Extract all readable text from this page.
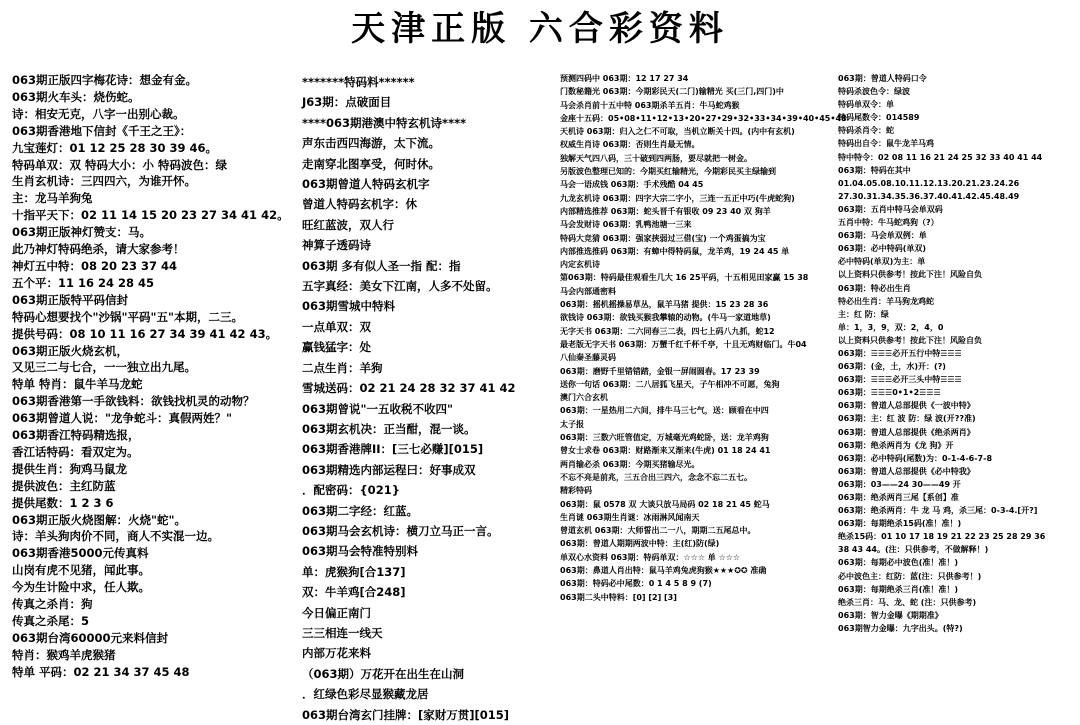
天津正版 六合彩资料
063期正版四字梅花诗：想金有金。
063期火车头：烧伤蛇。
诗：相安无克，八字一出别心裁。
063期香港地下信封《千王之王》：
九宝莲灯：01 12 25 28 30 39 46。
特码单双：双 特码大小：小 特码波色：绿
生肖玄机诗：三四四六，为谁开怀。
主：龙马羊狗兔
十指平天下：02 11 14 15 20 23 27 34 41 42。
063期正版神灯赞支：马。
此乃神灯特码绝杀，请大家参考！
神灯五中特：08 20 23 37 44
五个平：11 16 24 28 45
063期正版特平码信封
特码心想要找个"沙锅"平码"五"本期，二三。
提供号码：08 10 11 16 27 34 39 41 42 43。
063期正版火烧玄机，
又见三二与七合，一一独立出九尾。
特单 特肖：鼠牛羊马龙蛇
063期香港第一手欲钱料：欲钱找机灵的动物？
063期曾道人说："龙争蛇斗：真假两姓？"
063期香江特码精选报，
香江话特码：看双定为。
提供生肖：狗鸡马鼠龙
提供波色：主红防蓝
提供尾数：1 2 3 6
063期正版火烧图解：火烧"蛇"。
诗：羊头狗肉价不同，商人不实混一边。
063期香港5000元传真料
山岗有虎不见猪，闻此事。
今为生计险中求，任人欺。
传真之杀肖：狗
传真之杀尾：5
063期台湾60000元来料信封
特肖：猴鸡羊虎猴猪
特单 平码：02 21 34 37 45 48
*******特码料******
J63期：点破面目
****063期港澳中特玄机诗****
声东击西四海游，太下流。
走南穿北图享受，何时休。
063期曾道人特码玄机字
曾道人特码玄机字：休
旺红蓝波，双人行
神算子透码诗
063期 多有似人圣一指 配：指
五字真经：美女下江南，人多不处留。
063期雪城中特料
一点单双：双
赢钱猛字：处
二点生肖：羊狗
雪城送码：02 21 24 28 32 37 41 42
063期曾说"一五收税不收四"
063期玄机决：正当酣，混一谈。
063期香港牌II：[三七必赚][015]
063期精选内部运程曰：好事成双
．配密码：{021}
063期二字经：红蓝。
063期马会玄机诗：横刀立马正一言。
063期马会特准特别料
单：虎猴狗[合137]
双：牛羊鸡[合248]
今日偏正南门
三三相连一线天
内部万花来料
（063期）万花开在出生在山洞
．红绿色彩尽显猴藏龙居
063期台湾玄门挂牌：[家财万贯][015]
预测四码中 063期：12 17 27 34
门数秘籍光 063期：今期彩民天(二门)输精光 买(三门,四门)中
马会杀肖前十五中特 063期杀羊五肖：牛马蛇鸡猴
金座十五码：05•08•11•12•13•20•27•29•32•33•34•39•40•45•48
天机诗 063期：归入之仁不可取，当机立断关十四。(内中有玄机)
权威生肖诗 063期：否则生肖最无情。
独解天气四八码，三十破到四两肠，要尽就把一树金。
另版波色整理已知的：今期买红输精光，今期彩民买主绿输到
马会一语成钱 063期：手术残酷 04 45
九龙玄机诗 063期：四字大宗二字小，三连一五正中巧(牛虎蛇狗)
内部精选推荐 063期：蛇头晋千有银收 09 23 40 双 狗羊
马会发财诗 063期：乳鸭池塘一三来
特码大竞猜 063期：强家挟弱过三借(宝) 一个鸡蛋搞为宝
内部推选推码 063期：有蟑中得特码鼠，龙羊鸡，19 24 45 单
内定玄机诗
第063期：特码最佳观看生几大 16 25平码，十五相见田家赢 15 38
马会内部通密料
063期：摇机摇操易草丛，鼠羊马猪 提供：15 23 28 36
欲钱诗 063期：欲钱买猴我攀辕的动物。(牛马一家道地草)
无字天书 063期：二六同春三二表，四七上码八九抓，蛇12
最老版无字天书 063期：万蟹千红千杯千亭，十且无鸡财临门。牛04
八仙秦圣藤灵码
063期：磨野千里错错踏，金银一屏闹圆春。17 23 39
送你一句话 063期：二八居狐飞星天，子午相冲不可愿，兔狗
澳门六合玄机
063期：一星热用二六间，排牛马三七气，送：顾看在中四
太子报
063期：三数六旺管值定，万城毫光鸡蛇卧，送：龙羊鸡狗
曾女士求卷 063期：财路渐来又渐来(牛虎) 01 18 24 41
两肖输必杀 063期：今期买猪输尽光。
不忘不亮是前兆，三五合出三四六，念念不忘二五七。
精彩特码
063期：鼠 0578 双 大谈只放马局码 02 18 21 45 蛇马
生肖谜 063期生肖谜：冰雨淋风闻南天
曾道玄机 063期：大师誓出二一八，期期二五尾总中。
063期：曾道人期期两波中特：主(红)防(绿)
单双心水资料 063期：特码单双：☆☆☆ 单 ☆☆☆
063期：鼻道人肖出特：鼠马羊鸡兔虎狗猴★★★✪✪ 准确
063期：特码必中尾数：0 1 4 5 8 9 (7)
063期二头中特料：[0] [2] [3]
063期：曾道人特码口令
特码杀波色令：绿波
特码单双令：单
特码尾数令：014589
特码杀肖令：蛇
特码出自令：鼠牛龙羊马鸡
特中特令：02 08 11 16 21 24 25 32 33 40 41 44
063期：特码在其中
01.04.05.08.10.11.12.13.20.21.23.24.26
27.30.31.34.35.36.37.40.41.42.45.48.49
063期：五肖中特马会单双码
五肖中特：牛马蛇鸡狗（?）
063期：马会单双例：单
063期：必中特码(单双)
必中特码(单双)为主：单
以上资料只供参考！按此下注！风险自负
063期：特必出生肖
特必出生肖：羊马狗龙鸡蛇
主：红 防：绿
单：1，3，9，双：2，4，0
以上资料只供参考！按此下注！风险自负
063期：☰☰☰必开五行中特☰☰☰
063期：(金，土，水)开：(?)
063期：☰☰☰必开三头中特☰☰☰
063期：☰☰☰0•1•2☰☰☰
063期：曾道人总部提供《一波中特》
063期：主：红 波 防：绿 波(开??准)
063期：曾道人总部提供《绝杀两肖》
063期：绝杀两肖为《龙 狗》开
063期：必中特码(尾数)为：0-1-4-6-7-8
063期：曾道人总部提供《必中特我》
063期：03——24 30——49 开
063期：绝杀两肖三尾【系创】准
063期：绝杀两肖：牛 龙 马 鸡，杀三尾：0-3-4.[开?]
063期：每期绝杀15码(准！准！)
绝杀15码：01 10 17 18 19 21 22 23 25 28 29 36
38 43 44。(注：只供参考，不做解释！)
063期：每期必中波色(准！准！)
必中波色主：红防：蓝(注：只供参考！)
063期：每期绝杀三肖(准！准！)
绝杀三肖：马、龙、蛇 (注：只供参考)
063期：智力金曝《期期准》
063期智力金曝：九字出头。(特?)
